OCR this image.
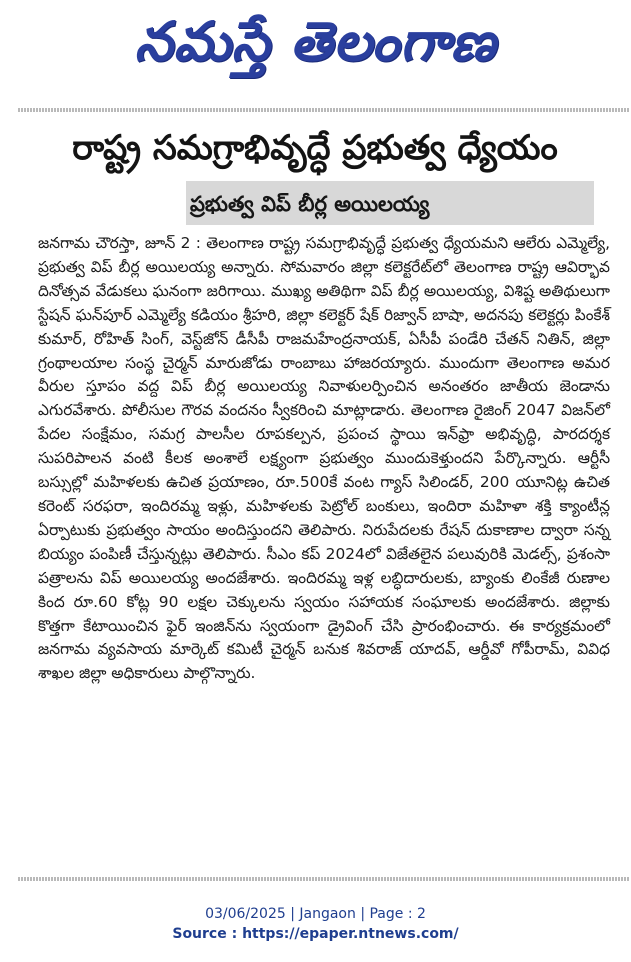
నమస్తే తెలంగాణ
రాష్ట్ర సమగ్రాభివృద్ధే ప్రభుత్వ ధ్యేయం
ప్రభుత్వ విప్ బీర్ల అయిలయ్య

జనగామ చౌరస్తా, జూన్ 2 : తెలంగాణ రాష్ట్ర సమగ్రాభివృద్ధే ప్రభుత్వ ధ్యేయమని ఆలేరు ఎమ్మెల్యే, ప్రభుత్వ విప్ బీర్ల అయిలయ్య అన్నారు. సోమవారం జిల్లా కలెక్టరేట్‌లో తెలంగాణ రాష్ట్ర ఆవిర్భావ దినోత్సవ వేడుకలు ఘనంగా జరిగాయి. ముఖ్య అతిథిగా విప్ బీర్ల అయిలయ్య, విశిష్ట అతిథులుగా స్టేషన్ ఘన్‌పూర్ ఎమ్మెల్యే కడియం శ్రీహరి, జిల్లా కలెక్టర్ షేక్ రిజ్వాన్ బాషా, అదనపు కలెక్టర్లు పింకేశ్ కుమార్, రోహిత్ సింగ్, వెస్ట్‌జోన్ డీసీపీ రాజమహేంద్రనాయక్, ఏసీపీ పండేరి చేతన్ నితిన్, జిల్లా గ్రంథాలయాల సంస్థ చైర్మన్ మారుజోడు రాంబాబు హాజరయ్యారు. ముందుగా తెలంగాణ అమర వీరుల స్తూపం వద్ద విప్ బీర్ల అయిలయ్య నివాళులర్పించిన అనంతరం జాతీయ జెండాను ఎగురవేశారు. పోలీసుల గౌరవ వందనం స్వీకరించి మాట్లాడారు. తెలంగాణ రైజింగ్ 2047 విజన్‌లో పేదల సంక్షేమం, సమగ్ర పాలసీల రూపకల్పన, ప్రపంచ స్థాయి ఇన్‌ఫ్రా అభివృద్ధి, పారదర్శక సుపరిపాలన వంటి కీలక అంశాలే లక్ష్యంగా ప్రభుత్వం ముందుకెళ్తుందని పేర్కొన్నారు. ఆర్టీసీ బస్సుల్లో మహిళలకు ఉచిత ప్రయాణం, రూ.500కే వంట గ్యాస్ సిలిండర్, 200 యూనిట్ల ఉచిత కరెంట్ సరఫరా, ఇందిరమ్మ ఇళ్లు, మహిళలకు పెట్రోల్ బంకులు, ఇందిరా మహిళా శక్తి క్యాంటీన్ల ఏర్పాటుకు ప్రభుత్వం సాయం అందిస్తుందని తెలిపారు. నిరుపేదలకు రేషన్ దుకాణాల ద్వారా సన్న బియ్యం పంపిణీ చేస్తున్నట్లు తెలిపారు. సీఎం కప్ 2024లో విజేతలైన పలువురికి మెడల్స్, ప్రశంసా పత్రాలను విప్ అయిలయ్య అందజేశారు. ఇందిరమ్మ ఇళ్ల లబ్ధిదారులకు, బ్యాంకు లింకేజీ రుణాల కింద రూ.60 కోట్ల 90 లక్షల చెక్కులను స్వయం సహాయక సంఘాలకు అందజేశారు. జిల్లాకు కొత్తగా కేటాయించిన ఫైర్ ఇంజిన్‌ను స్వయంగా డ్రైవింగ్ చేసి ప్రారంభించారు. ఈ కార్యక్రమంలో జనగామ వ్యవసాయ మార్కెట్ కమిటీ చైర్మన్ బనుక శివరాజ్ యాదవ్, ఆర్డీవో గోపీరామ్, వివిధ శాఖల జిల్లా అధికారులు పాల్గొన్నారు.

03/06/2025 | Jangaon | Page : 2
Source : https://epaper.ntnews.com/
